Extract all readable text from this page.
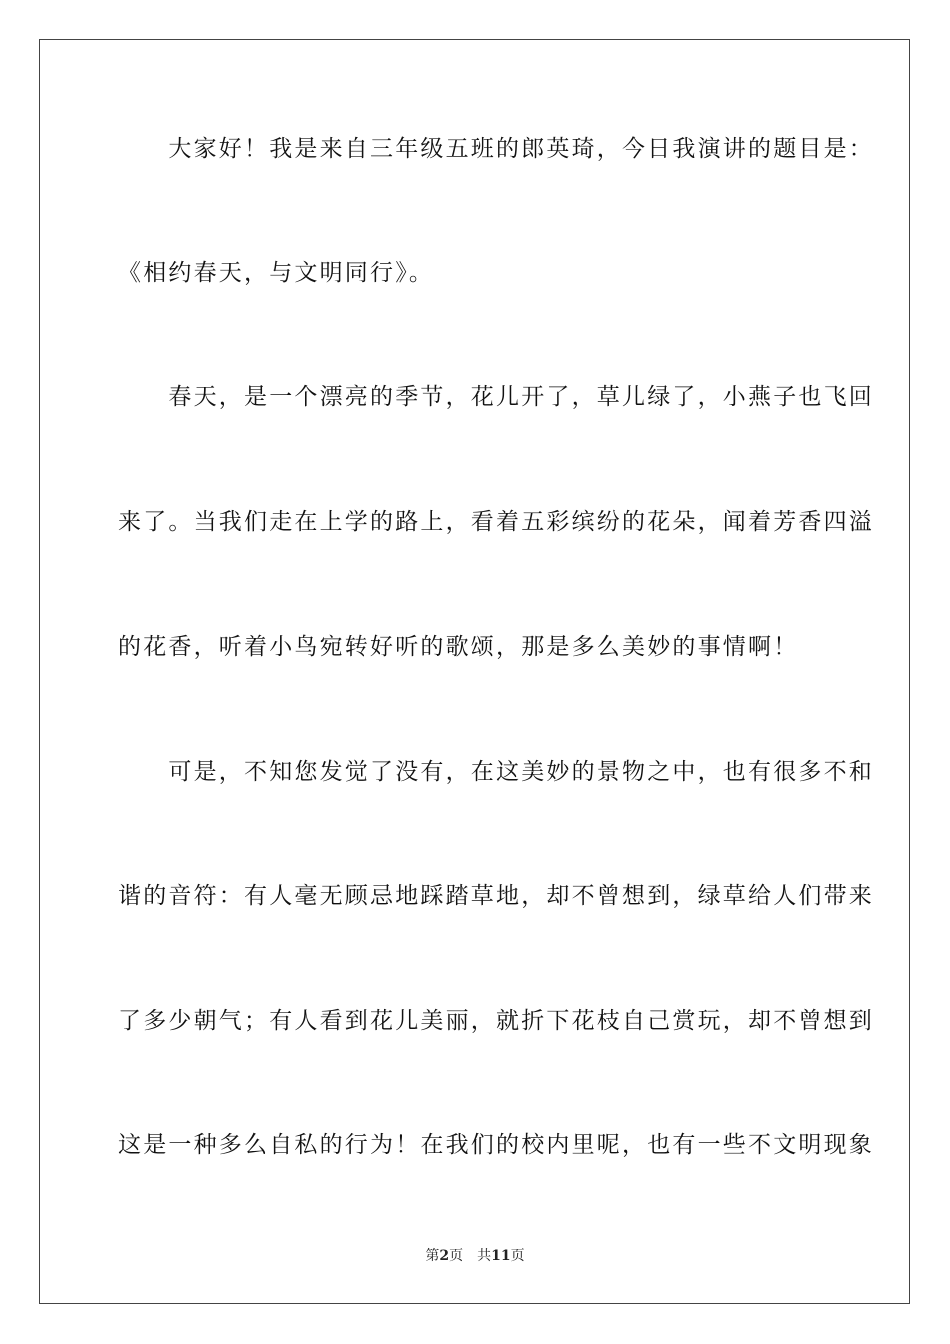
　　大家好！我是来自三年级五班的郎英琦，今日我演讲的题目是：
《相约春天，与文明同行》。
　　春天，是一个漂亮的季节，花儿开了，草儿绿了，小燕子也飞回
来了。当我们走在上学的路上，看着五彩缤纷的花朵，闻着芳香四溢
的花香，听着小鸟宛转好听的歌颂，那是多么美妙的事情啊！
　　可是，不知您发觉了没有，在这美妙的景物之中，也有很多不和
谐的音符：有人毫无顾忌地踩踏草地，却不曾想到，绿草给人们带来
了多少朝气；有人看到花儿美丽，就折下花枝自己赏玩，却不曾想到
这是一种多么自私的行为！在我们的校内里呢，也有一些不文明现象
第2页 共11页
